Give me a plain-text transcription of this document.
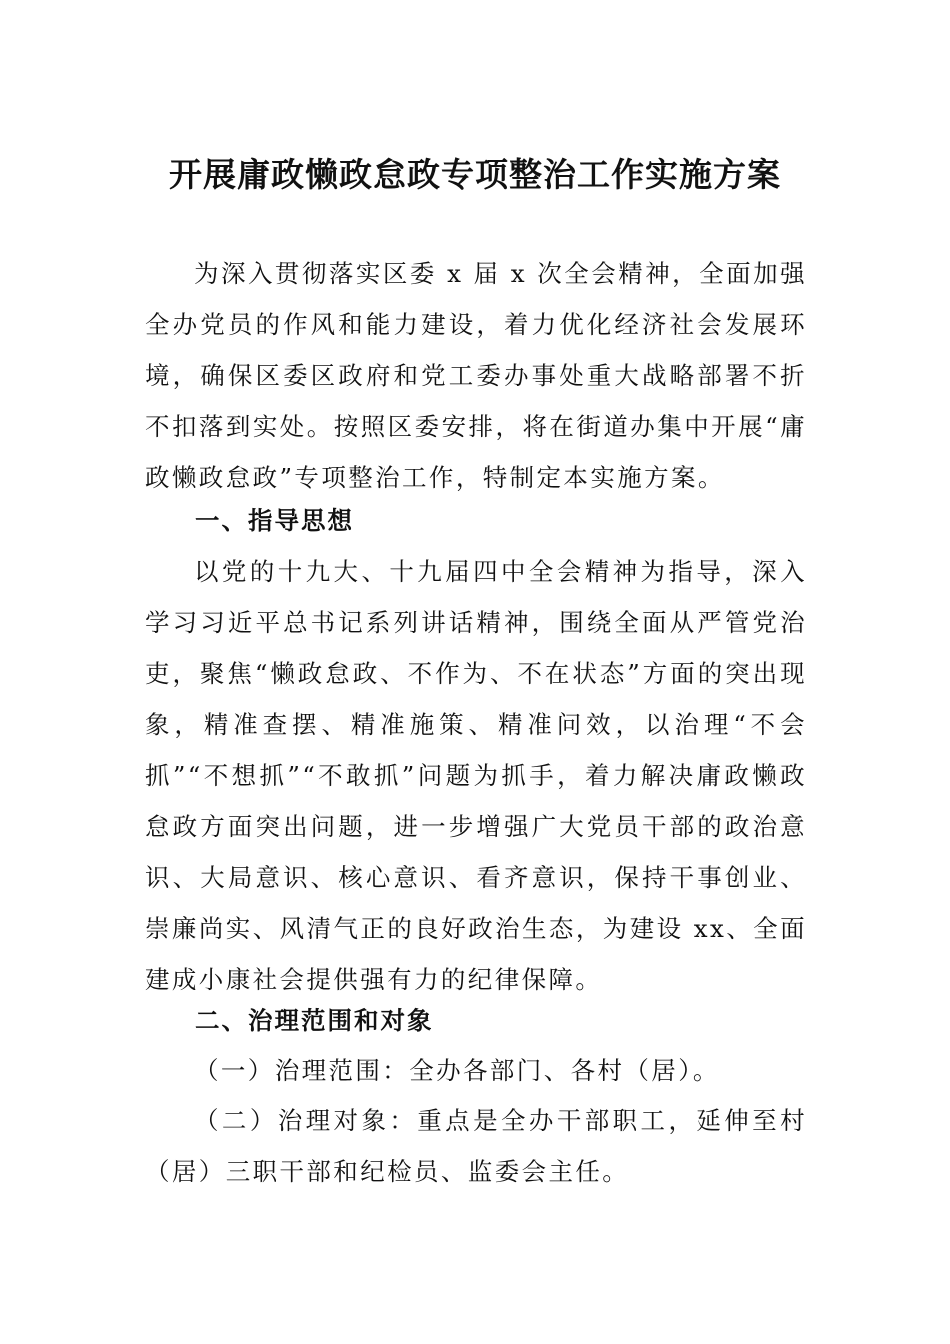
开展庸政懒政怠政专项整治工作实施方案

为深入贯彻落实区委 x 届 x 次全会精神，全面加强全办党员的作风和能力建设，着力优化经济社会发展环境，确保区委区政府和党工委办事处重大战略部署不折不扣落到实处。按照区委安排，将在街道办集中开展“庸政懒政怠政”专项整治工作，特制定本实施方案。

一、指导思想

以党的十九大、十九届四中全会精神为指导，深入学习习近平总书记系列讲话精神，围绕全面从严管党治吏，聚焦“懒政怠政、不作为、不在状态”方面的突出现象，精准查摆、精准施策、精准问效，以治理“不会抓”“不想抓”“不敢抓”问题为抓手，着力解决庸政懒政怠政方面突出问题，进一步增强广大党员干部的政治意识、大局意识、核心意识、看齐意识，保持干事创业、崇廉尚实、风清气正的良好政治生态，为建设 xx、全面建成小康社会提供强有力的纪律保障。

二、治理范围和对象

（一）治理范围：全办各部门、各村（居）。

（二）治理对象：重点是全办干部职工，延伸至村（居）三职干部和纪检员、监委会主任。
